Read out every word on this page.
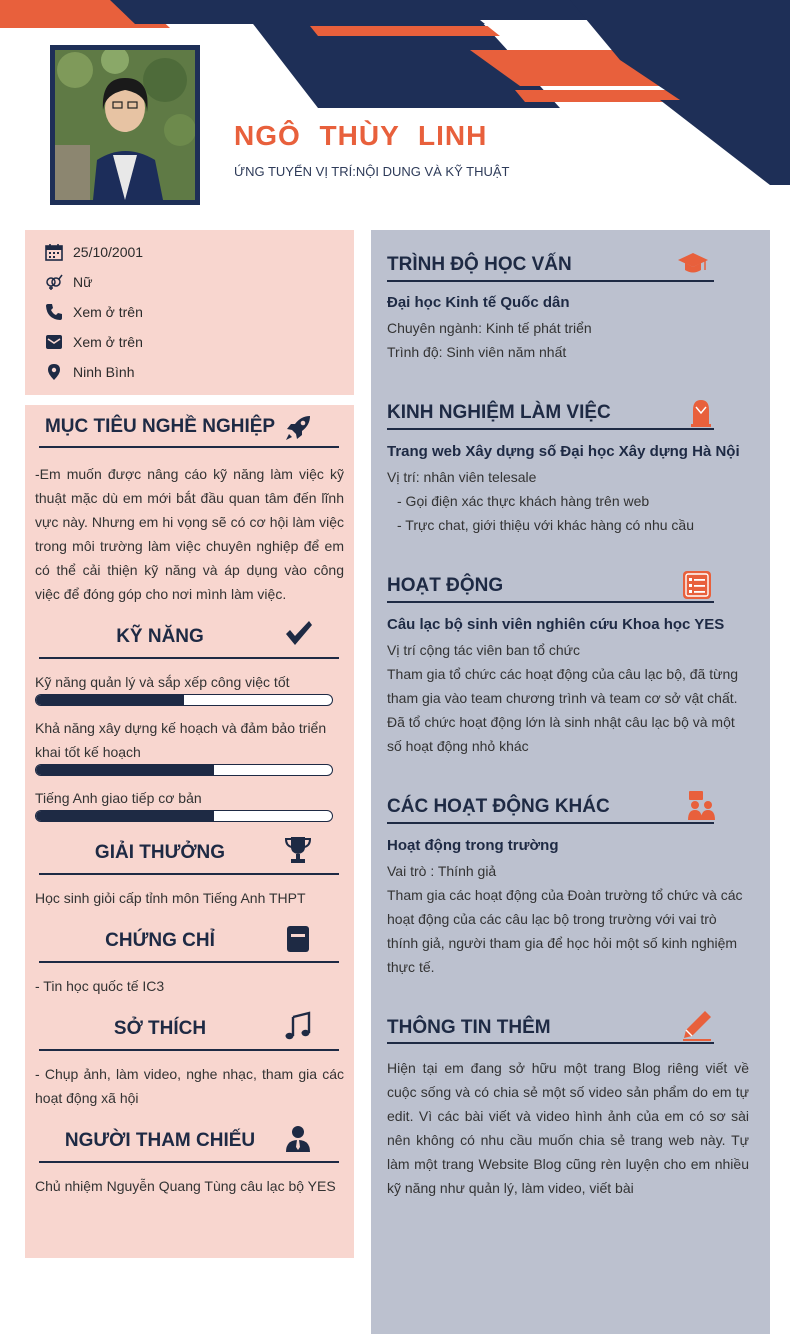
NGÔ THÙY LINH
ỨNG TUYỂN VỊ TRÍ:NỘI DUNG VÀ KỸ THUẬT
25/10/2001
Nữ
Xem ở trên
Xem ở trên
Ninh Bình
MỤC TIÊU NGHỀ NGHIỆP
-Em muốn được nâng cáo kỹ năng làm việc kỹ thuật mặc dù em mới bắt đầu quan tâm đến lĩnh vực này. Nhưng em hi vọng sẽ có cơ hội làm việc trong môi trường làm việc chuyên nghiệp để em có thể cải thiện kỹ năng và áp dụng vào công việc để đóng góp cho nơi mình làm việc.
KỸ NĂNG
Kỹ năng quản lý và sắp xếp công việc tốt
Khả năng xây dựng kế hoạch và đảm bảo triển khai tốt kế hoạch
Tiếng Anh giao tiếp cơ bản
GIẢI THƯỞNG
Học sinh giỏi cấp tỉnh môn Tiếng Anh THPT
CHỨNG CHỈ
- Tin học quốc tế IC3
SỞ THÍCH
- Chụp ảnh, làm video, nghe nhạc, tham gia các hoạt động xã hội
NGƯỜI THAM CHIẾU
Chủ nhiệm Nguyễn Quang Tùng câu lạc bộ YES
TRÌNH ĐỘ HỌC VẤN
Đại học Kinh tế Quốc dân
Chuyên ngành: Kinh tế phát triển
Trình độ: Sinh viên năm nhất
KINH NGHIỆM LÀM VIỆC
Trang web Xây dựng số Đại học Xây dựng Hà Nội
Vị trí: nhân viên telesale
- Gọi điện xác thực khách hàng trên web
- Trực chat, giới thiệu với khác hàng có nhu cầu
HOẠT ĐỘNG
Câu lạc bộ sinh viên nghiên cứu Khoa học YES
Vị trí cộng tác viên ban tổ chức
Tham gia tổ chức các hoạt động của câu lạc bộ, đã từng
tham gia vào team chương trình và team cơ sở vật chất.
Đã tổ chức hoạt động lớn là sinh nhật câu lạc bộ và một
số hoạt động nhỏ khác
CÁC HOẠT ĐỘNG KHÁC
Hoạt động trong trường
Vai trò : Thính giả
Tham gia các hoạt động của Đoàn trường tổ chức và các
hoạt động của các câu lạc bộ trong trường với vai trò
thính giả, người tham gia để học hỏi một số kinh nghiệm
thực tế.
THÔNG TIN THÊM
Hiện tại em đang sở hữu một trang Blog riêng viết về cuộc sống và có chia sẻ một số video sản phẩm do em tự edit. Vì các bài viết và video hình ảnh của em có sơ sài nên không có nhu cầu muốn chia sẻ trang web này. Tự làm một trang Website Blog cũng rèn luyện cho em nhiều kỹ năng như quản lý, làm video, viết bài
